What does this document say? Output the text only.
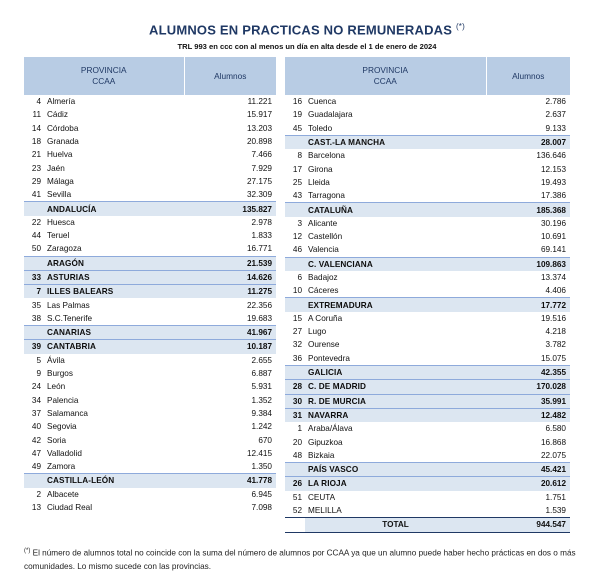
ALUMNOS EN PRACTICAS NO REMUNERADAS (*)
TRL 993 en ccc con al menos un día en alta desde el 1 de enero de 2024
PROVINCIA
CCAA		Alumnos
4	Almería	11.221
11	Cádiz	15.917
14	Córdoba	13.203
18	Granada	20.898
21	Huelva	7.466
23	Jaén	7.929
29	Málaga	27.175
41	Sevilla	32.309
	ANDALUCÍA	135.827
22	Huesca	2.978
44	Teruel	1.833
50	Zaragoza	16.771
	ARAGÓN	21.539
33	ASTURIAS	14.626
7	ILLES BALEARS	11.275
35	Las Palmas	22.356
38	S.C.Tenerife	19.683
	CANARIAS	41.967
39	CANTABRIA	10.187
5	Ávila	2.655
9	Burgos	6.887
24	León	5.931
34	Palencia	1.352
37	Salamanca	9.384
40	Segovia	1.242
42	Soria	670
47	Valladolid	12.415
49	Zamora	1.350
	CASTILLA-LEÓN	41.778
2	Albacete	6.945
13	Ciudad Real	7.098
PROVINCIA
CCAA		Alumnos
16	Cuenca	2.786
19	Guadalajara	2.637
45	Toledo	9.133
	CAST.-LA MANCHA	28.007
8	Barcelona	136.646
17	Girona	12.153
25	Lleida	19.493
43	Tarragona	17.386
	CATALUÑA	185.368
3	Alicante	30.196
12	Castellón	10.691
46	Valencia	69.141
	C. VALENCIANA	109.863
6	Badajoz	13.374
10	Cáceres	4.406
	EXTREMADURA	17.772
15	A Coruña	19.516
27	Lugo	4.218
32	Ourense	3.782
36	Pontevedra	15.075
	GALICIA	42.355
28	C. DE MADRID	170.028
30	R. DE MURCIA	35.991
31	NAVARRA	12.482
1	Araba/Álava	6.580
20	Gipuzkoa	16.868
48	Bizkaia	22.075
	PAÍS VASCO	45.421
26	LA RIOJA	20.612
51	CEUTA	1.751
52	MELILLA	1.539
	TOTAL	944.547
(*) El número de alumnos total no coincide con la suma del número de alumnos por CCAA ya que un alumno puede haber hecho prácticas en dos o más comunidades. Lo mismo sucede con las provincias.
